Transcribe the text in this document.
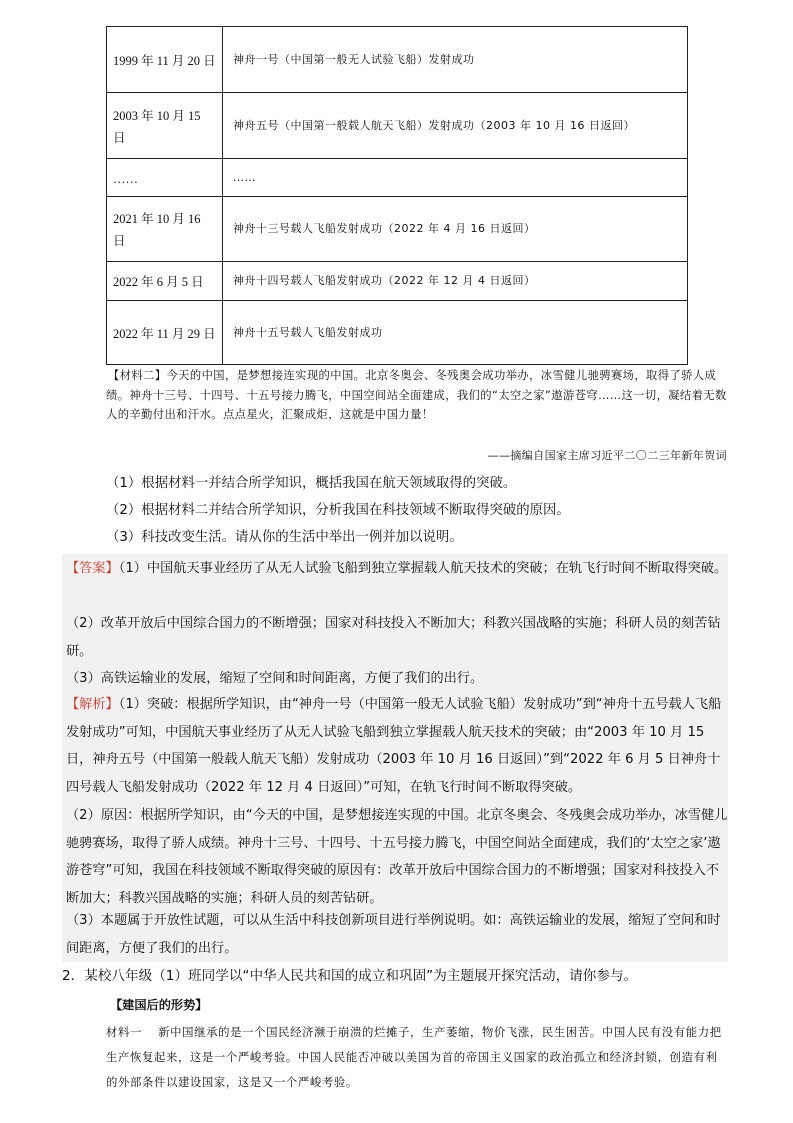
1999 年 11 月 20 日	神舟一号（中国第一般无人试验飞船）发射成功
2003 年 10 月 15 日	神舟五号（中国第一般载人航天飞船）发射成功（2003 年 10 月 16 日返回）
……	……
2021 年 10 月 16 日	神舟十三号载人飞船发射成功（2022 年 4 月 16 日返回）
2022 年 6 月 5 日	神舟十四号载人飞船发射成功（2022 年 12 月 4 日返回）
2022 年 11 月 29 日	神舟十五号载人飞船发射成功
【材料二】今天的中国，是梦想接连实现的中国。北京冬奥会、冬残奥会成功举办，冰雪健儿驰骋赛场，取得了骄人成绩。神舟十三号、十四号、十五号接力腾飞，中国空间站全面建成，我们的“太空之家”遨游苍穹……这一切，凝结着无数人的辛勤付出和汗水。点点星火，汇聚成炬，这就是中国力量！
——摘编自国家主席习近平二〇二三年新年贺词
（1）根据材料一并结合所学知识，概括我国在航天领域取得的突破。
（2）根据材料二并结合所学知识，分析我国在科技领域不断取得突破的原因。
（3）科技改变生活。请从你的生活中举出一例并加以说明。
【答案】（1）中国航天事业经历了从无人试验飞船到独立掌握载人航天技术的突破；在轨飞行时间不断取得突破。
（2）改革开放后中国综合国力的不断增强；国家对科技投入不断加大；科教兴国战略的实施；科研人员的刻苦钻研。
（3）高铁运输业的发展，缩短了空间和时间距离，方便了我们的出行。
【解析】（1）突破：根据所学知识，由“神舟一号（中国第一般无人试验飞船）发射成功”到“神舟十五号载人飞船发射成功”可知，中国航天事业经历了从无人试验飞船到独立掌握载人航天技术的突破；由“2003 年 10 月 15 日，神舟五号（中国第一般载人航天飞船）发射成功（2003 年 10 月 16 日返回）”到“2022 年 6 月 5 日神舟十四号载人飞船发射成功（2022 年 12 月 4 日返回）”可知，在轨飞行时间不断取得突破。
（2）原因：根据所学知识，由“今天的中国，是梦想接连实现的中国。北京冬奥会、冬残奥会成功举办，冰雪健儿驰骋赛场，取得了骄人成绩。神舟十三号、十四号、十五号接力腾飞，中国空间站全面建成，我们的‘太空之家’遨游苍穹”可知，我国在科技领域不断取得突破的原因有：改革开放后中国综合国力的不断增强；国家对科技投入不断加大；科教兴国战略的实施；科研人员的刻苦钻研。
（3）本题属于开放性试题，可以从生活中科技创新项目进行举例说明。如：高铁运输业的发展，缩短了空间和时间距离，方便了我们的出行。
2．某校八年级（1）班同学以“中华人民共和国的成立和巩固”为主题展开探究活动，请你参与。
【建国后的形势】
材料一　 新中国继承的是一个国民经济濒于崩溃的烂摊子，生产萎缩，物价飞涨，民生困苦。中国人民有没有能力把生产恢复起来，这是一个严峻考验。中国人民能否冲破以美国为首的帝国主义国家的政治孤立和经济封锁，创造有利的外部条件以建设国家，这是又一个严峻考验。
